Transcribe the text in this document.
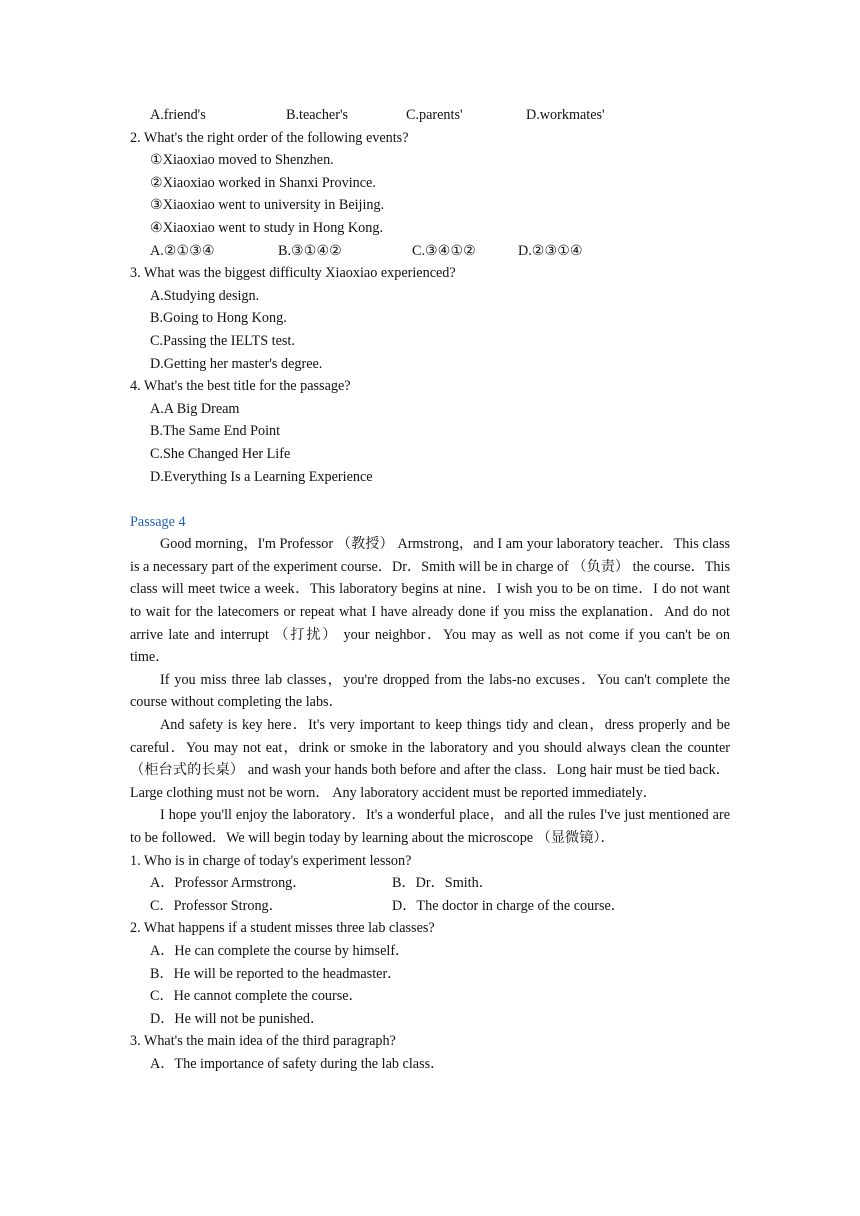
A.friend's	B.teacher's	C.parents'	D.workmates'
2. What's the right order of the following events?
①Xiaoxiao moved to Shenzhen.
②Xiaoxiao worked in Shanxi Province.
③Xiaoxiao went to university in Beijing.
④Xiaoxiao went to study in Hong Kong.
A.②①③④	B.③①④②	C.③④①②	D.②③①④
3. What was the biggest difficulty Xiaoxiao experienced?
A.Studying design.
B.Going to Hong Kong.
C.Passing the IELTS test.
D.Getting her master's degree.
4. What's the best title for the passage?
A.A Big Dream
B.The Same End Point
C.She Changed Her Life
D.Everything Is a Learning Experience
Passage 4

Good morning，I'm Professor （教授） Armstrong，and I am your laboratory teacher．This class is a necessary part of the experiment course．Dr．Smith will be in charge of （负责） the course．This class will meet twice a week．This laboratory begins at nine．I wish you to be on time．I do not want to wait for the latecomers or repeat what I have already done if you miss the explanation．And do not arrive late and interrupt （打扰） your neighbor．You may as well as not come if you can't be on time．

If you miss three lab classes，you're dropped from the labs-no excuses．You can't complete the course without completing the labs．

And safety is key here．It's very important to keep things tidy and clean，dress properly and be careful．You may not eat，drink or smoke in the laboratory and you should always clean the counter （柜台式的长桌） and wash your hands both before and after the class．Long hair must be tied back． Large clothing must not be worn． Any laboratory accident must be reported immediately．

I hope you'll enjoy the laboratory．It's a wonderful place，and all the rules I've just mentioned are to be followed．We will begin today by learning about the microscope （显微镜）．

1. Who is in charge of today's experiment lesson?
A．Professor Armstrong．	B．Dr．Smith．
C．Professor Strong．	D．The doctor in charge of the course．
2. What happens if a student misses three lab classes?
A．He can complete the course by himself．
B．He will be reported to the headmaster．
C．He cannot complete the course．
D．He will not be punished．
3. What's the main idea of the third paragraph?
A．The importance of safety during the lab class．
